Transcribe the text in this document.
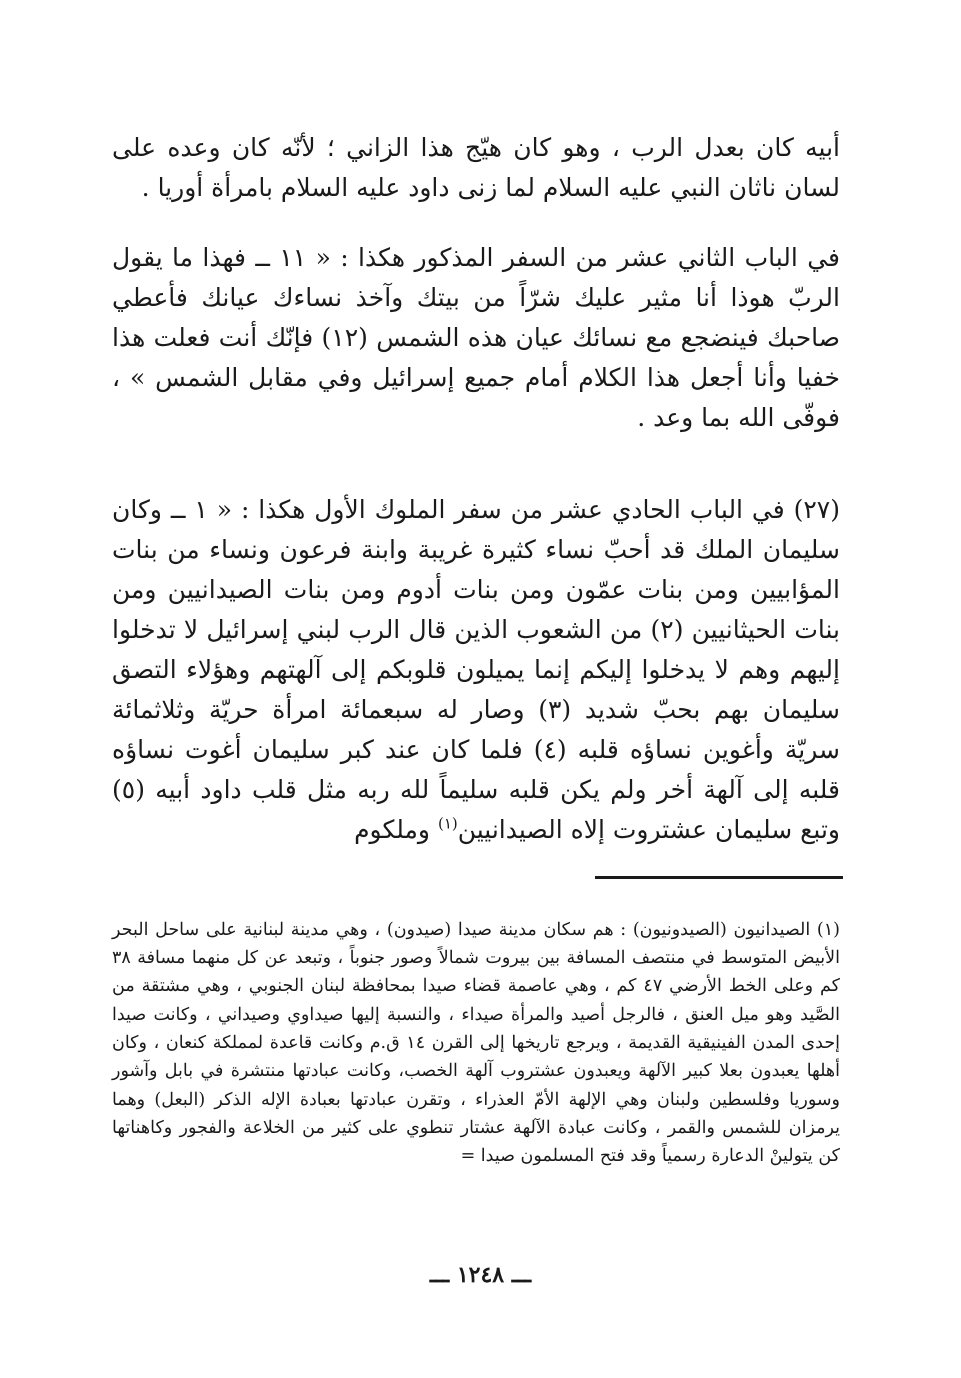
أبيه كان بعدل الرب ، وهو كان هيّج هذا الزاني ؛ لأنّه كان وعده على لسان ناثان النبي عليه السلام لما زنى داود عليه السلام بامرأة أوريا .

في الباب الثاني عشر من السفر المذكور هكذا : « ١١ ــ فهذا ما يقول الربّ هوذا أنا مثير عليك شرّاً من بيتك وآخذ نساءك عيانك فأعطي صاحبك فينضجع مع نسائك عيان هذه الشمس (١٢) فإنّك أنت فعلت هذا خفيا وأنا أجعل هذا الكلام أمام جميع إسرائيل وفي مقابل الشمس » ، فوفّى الله بما وعد .

(٢٧) في الباب الحادي عشر من سفر الملوك الأول هكذا : « ١ ــ وكان سليمان الملك قد أحبّ نساء كثيرة غريبة وابنة فرعون ونساء من بنات المؤابيين ومن بنات عمّون ومن بنات أدوم ومن بنات الصيدانيين ومن بنات الحيثانيين (٢) من الشعوب الذين قال الرب لبني إسرائيل لا تدخلوا إليهم وهم لا يدخلوا إليكم إنما يميلون قلوبكم إلى آلهتهم وهؤلاء التصق سليمان بهم بحبّ شديد (٣) وصار له سبعمائة امرأة حريّة وثلاثمائة سريّة وأغوين نساؤه قلبه (٤) فلما كان عند كبر سليمان أغوت نساؤه قلبه إلى آلهة أخر ولم يكن قلبه سليماً لله ربه مثل قلب داود أبيه (٥) وتبع سليمان عشتروت إلاه الصيدانيين$^{(١)}$ وملكوم

(١) الصيدانيون (الصيدونيون) : هم سكان مدينة صيدا (صيدون) ، وهي مدينة لبنانية على ساحل البحر الأبيض المتوسط في منتصف المسافة بين بيروت شمالاً وصور جنوباً ، وتبعد عن كل منهما مسافة ٣٨ كم وعلى الخط الأرضي ٤٧ كم ، وهي عاصمة قضاء صيدا بمحافظة لبنان الجنوبي ، وهي مشتقة من الصَّيد وهو ميل العنق ، فالرجل أصيد والمرأة صيداء ، والنسبة إليها صيداوي وصيداني ، وكانت صيدا إحدى المدن الفينيقية القديمة ، ويرجع تاريخها إلى القرن ١٤ ق.م وكانت قاعدة لمملكة كنعان ، وكان أهلها يعبدون بعلا كبير الآلهة ويعبدون عشتروب آلهة الخصب، وكانت عبادتها منتشرة في بابل وآشور وسوريا وفلسطين ولبنان وهي الإلهة الأمّ العذراء ، وتقرن عبادتها بعبادة الإله الذكر (البعل) وهما يرمزان للشمس والقمر ، وكانت عبادة الآلهة عشتار تنطوي على كثير من الخلاعة والفجور وكاهناتها كن يتولينْ الدعارة رسمياً وقد فتح المسلمون صيدا =

ـــ ١٢٤٨ ـــ
